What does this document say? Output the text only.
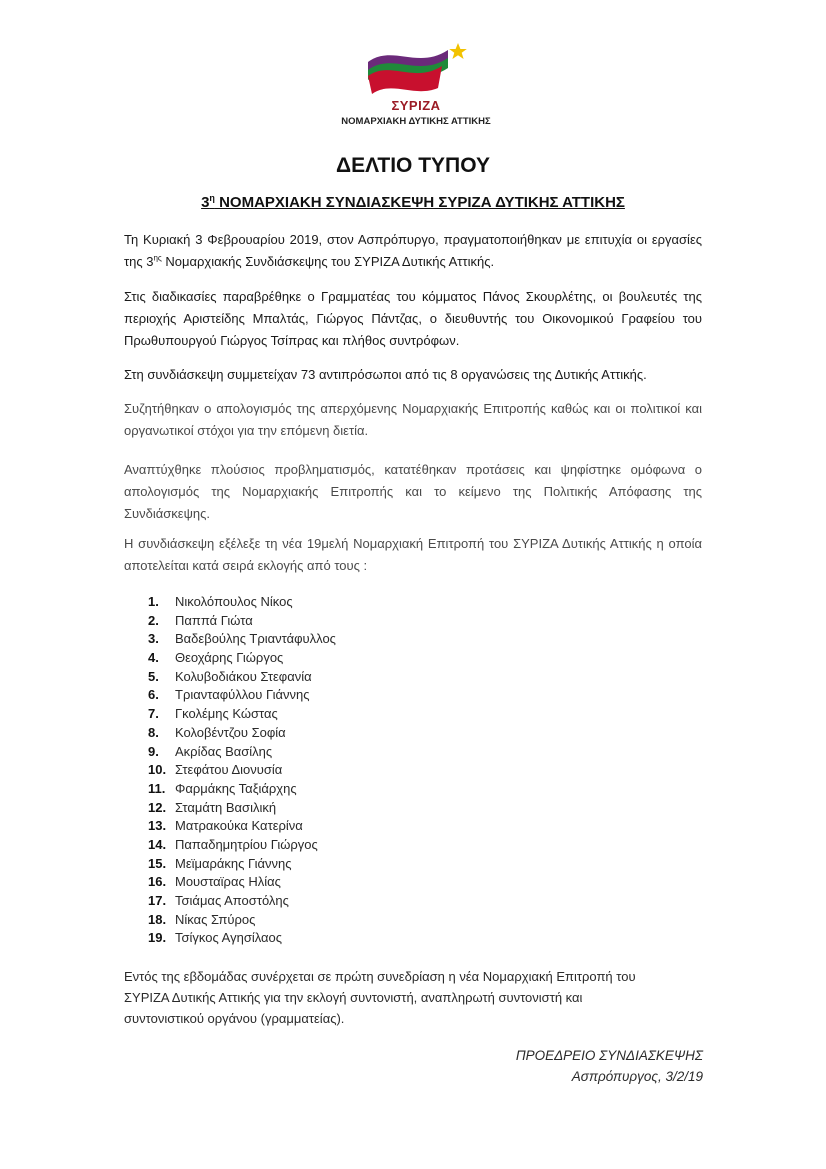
ΣΥΡΙΖΑ
ΝΟΜΑΡΧΙΑΚΗ ΔΥΤΙΚΗΣ ΑΤΤΙΚΗΣ
ΔΕΛΤΙΟ ΤΥΠΟΥ
$3^\eta$ ΝΟΜΑΡΧΙΑΚΗ ΣΥΝΔΙΑΣΚΕΨΗ ΣΥΡΙΖΑ ΔΥΤΙΚΗΣ ΑΤΤΙΚΗΣ

Τη Κυριακή 3 Φεβρουαρίου 2019, στον Ασπρόπυργο, πραγματοποιήθηκαν με επιτυχία οι εργασίες της $3^{\eta\varsigma}$ Νομαρχιακής Συνδιάσκεψης του ΣΥΡΙΖΑ Δυτικής Αττικής.

Στις διαδικασίες παραβρέθηκε ο Γραμματέας του κόμματος Πάνος Σκουρλέτης, οι βουλευτές της περιοχής Αριστείδης Μπαλτάς, Γιώργος Πάντζας, ο διευθυντής του Οικονομικού Γραφείου του Πρωθυπουργού Γιώργος Τσίπρας και πλήθος συντρόφων.

Στη συνδιάσκεψη συμμετείχαν 73 αντιπρόσωποι από τις 8 οργανώσεις της Δυτικής Αττικής.

Συζητήθηκαν ο απολογισμός της απερχόμενης Νομαρχιακής Επιτροπής καθώς και οι πολιτικοί και οργανωτικοί στόχοι για την επόμενη διετία.

Αναπτύχθηκε πλούσιος προβληματισμός, κατατέθηκαν προτάσεις και ψηφίστηκε ομόφωνα ο απολογισμός της Νομαρχιακής Επιτροπής και το κείμενο της Πολιτικής Απόφασης της Συνδιάσκεψης.

Η συνδιάσκεψη εξέλεξε τη νέα 19μελή Νομαρχιακή Επιτροπή του ΣΥΡΙΖΑ Δυτικής Αττικής η οποία αποτελείται κατά σειρά εκλογής από τους :

1. Νικολόπουλος Νίκος
2. Παππά Γιώτα
3. Βαδεβούλης Τριαντάφυλλος
4. Θεοχάρης Γιώργος
5. Κολυβοδιάκου Στεφανία
6. Τριανταφύλλου Γιάννης
7. Γκολέμης Κώστας
8. Κολοβέντζου Σοφία
9. Ακρίδας Βασίλης
10. Στεφάτου Διονυσία
11. Φαρμάκης Ταξιάρχης
12. Σταμάτη Βασιλική
13. Ματρακούκα Κατερίνα
14. Παπαδημητρίου Γιώργος
15. Μεϊμαράκης Γιάννης
16. Μουσταϊρας Ηλίας
17. Τσιάμας Αποστόλης
18. Νίκας Σπύρος
19. Τσίγκος Αγησίλαος

Εντός της εβδομάδας συνέρχεται σε πρώτη συνεδρίαση η νέα Νομαρχιακή Επιτροπή του
ΣΥΡΙΖΑ Δυτικής Αττικής για την εκλογή συντονιστή, αναπληρωτή συντονιστή και
συντονιστικού οργάνου (γραμματείας).

ΠΡΟΕΔΡΕΙΟ ΣΥΝΔΙΑΣΚΕΨΗΣ
Ασπρόπυργος, 3/2/19
